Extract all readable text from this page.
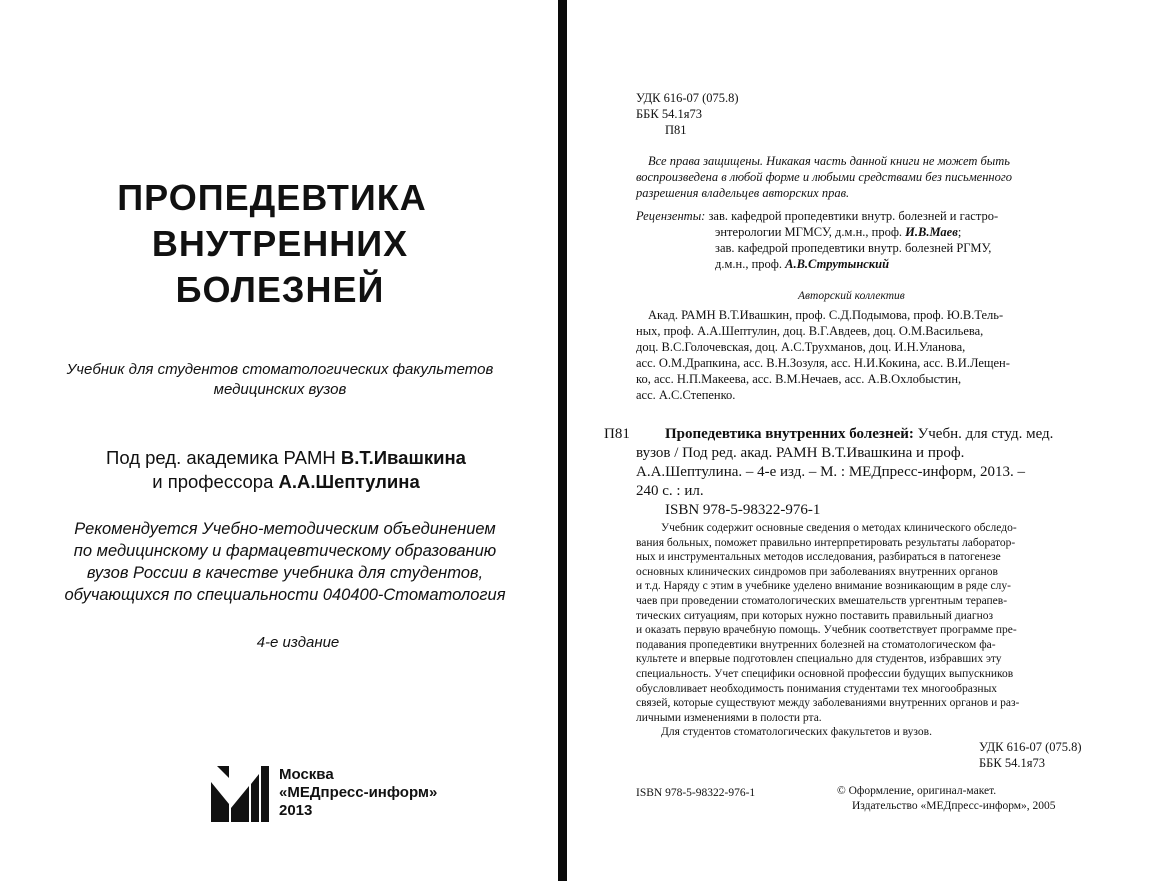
ПРОПЕДЕВТИКА
ВНУТРЕННИХ
БОЛЕЗНЕЙ
Учебник для студентов стоматологических факультетов
медицинских вузов
Под ред. академика РАМН В.Т.Ивашкина
и профессора А.А.Шептулина
Рекомендуется Учебно-методическим объединением
по медицинскому и фармацевтическому образованию
вузов России в качестве учебника для студентов,
обучающихся по специальности 040400-Стоматология
4-е издание
Москва
«МЕДпресс-информ»
2013
УДК 616-07 (075.8)
ББК 54.1я73
П81
Все права защищены. Никакая часть данной книги не может быть
воспроизведена в любой форме и любыми средствами без письменного
разрешения владельцев авторских прав.
Рецензенты: зав. кафедрой пропедевтики внутр. болезней и гастро-
энтерологии МГМСУ, д.м.н., проф. И.В.Маев;
зав. кафедрой пропедевтики внутр. болезней РГМУ,
д.м.н., проф. А.В.Струтынский
Авторский коллектив
Акад. РАМН В.Т.Ивашкин, проф. С.Д.Подымова, проф. Ю.В.Тель-
ных, проф. А.А.Шептулин, доц. В.Г.Авдеев, доц. О.М.Васильева,
доц. В.С.Голочевская, доц. А.С.Трухманов, доц. И.Н.Уланова,
асс. О.М.Драпкина, асс. В.Н.Зозуля, асс. Н.И.Кокина, асс. В.И.Лещен-
ко, асс. Н.П.Макеева, асс. В.М.Нечаев, асс. А.В.Охлобыстин,
асс. А.С.Степенко.
П81 Пропедевтика внутренних болезней: Учебн. для студ. мед.
вузов / Под ред. акад. РАМН В.Т.Ивашкина и проф.
А.А.Шептулина. – 4-е изд. – М. : МЕДпресс-информ, 2013. –
240 с. : ил.
ISBN 978-5-98322-976-1
Учебник содержит основные сведения о методах клинического обследо-
вания больных, поможет правильно интерпретировать результаты лаборатор-
ных и инструментальных методов исследования, разбираться в патогенезе
основных клинических синдромов при заболеваниях внутренних органов
и т.д. Наряду с этим в учебнике уделено внимание возникающим в ряде слу-
чаев при проведении стоматологических вмешательств ургентным терапев-
тических ситуациям, при которых нужно поставить правильный диагноз
и оказать первую врачебную помощь. Учебник соответствует программе пре-
подавания пропедевтики внутренних болезней на стоматологическом фа-
культете и впервые подготовлен специально для студентов, избравших эту
специальность. Учет специфики основной профессии будущих выпускников
обусловливает необходимость понимания студентами тех многообразных
связей, которые существуют между заболеваниями внутренних органов и раз-
личными изменениями в полости рта.
Для студентов стоматологических факультетов и вузов.
УДК 616-07 (075.8)
ББК 54.1я73
ISBN 978-5-98322-976-1	© Оформление, оригинал-макет.
Издательство «МЕДпресс-информ», 2005
